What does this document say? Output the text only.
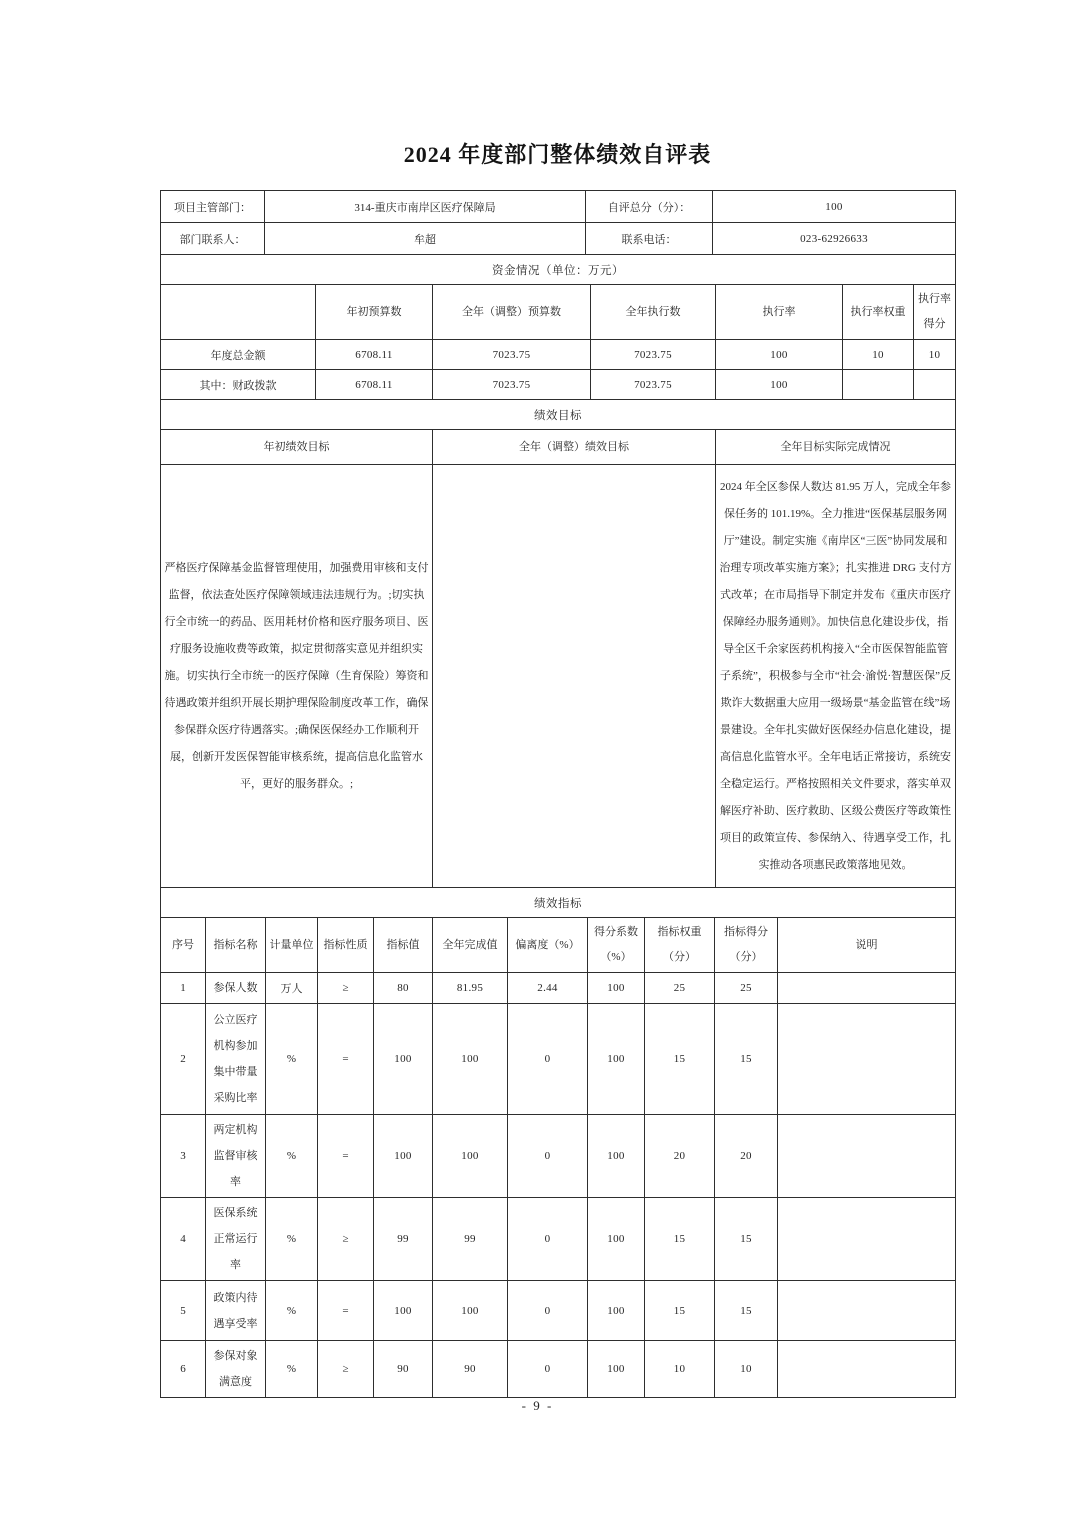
2024 年度部门整体绩效自评表
项目主管部门：	314-重庆市南岸区医疗保障局	自评总分（分）：	100
部门联系人：	牟超	联系电话：	023-62926633
资金情况（单位：万元）						
	年初预算数	全年（调整）预算数	全年执行数	执行率	执行率权重	执行率得分
年度总金额	6708.11	7023.75	7023.75	100	10	10
其中：财政拨款	6708.11	7023.75	7023.75	100		
绩效目标		
年初绩效目标	全年（调整）绩效目标	全年目标实际完成情况

严格医疗保障基金监督管理使用，加强费用审核和支付监督，依法查处医疗保障领域违法违规行为。;切实执行全市统一的药品、医用耗材价格和医疗服务项目、医疗服务设施收费等政策，拟定贯彻落实意见并组织实施。切实执行全市统一的医疗保障（生育保险）筹资和待遇政策并组织开展长期护理保险制度改革工作，确保参保群众医疗待遇落实。;确保医保经办工作顺利开展，创新开发医保智能审核系统，提高信息化监管水平，更好的服务群众。;		2024 年全区参保人数达 81.95 万人，完成全年参保任务的 101.19%。全力推进“医保基层服务网厅”建设。制定实施《南岸区“三医”协同发展和治理专项改革实施方案》；扎实推进 DRG 支付方式改革；在市局指导下制定并发布《重庆市医疗保障经办服务通则》。加快信息化建设步伐，指导全区千余家医药机构接入“全市医保智能监管子系统”，积极参与全市“社会·渝悦·智慧医保”反欺诈大数据重大应用一级场景“基金监管在线”场景建设。全年扎实做好医保经办信息化建设，提高信息化监管水平。全年电话正常接访，系统安全稳定运行。严格按照相关文件要求，落实单双解医疗补助、医疗救助、区级公费医疗等政策性项目的政策宣传、参保纳入、待遇享受工作，扎实推动各项惠民政策落地见效。
绩效指标										
序号	指标名称	计量单位	指标性质	指标值	全年完成值	偏离度（%）	得分系数（%）	指标权重（分）	指标得分（分）	说明
1	参保人数	万人	≥	80	81.95	2.44	100	25	25	
2	公立医疗机构参加集中带量采购比率	%	=	100	100	0	100	15	15	
3	两定机构监督审核率	%	=	100	100	0	100	20	20	
4	医保系统正常运行率	%	≥	99	99	0	100	15	15	
5	政策内待遇享受率	%	=	100	100	0	100	15	15	
6	参保对象满意度	%	≥	90	90	0	100	10	10	
- 9 -
